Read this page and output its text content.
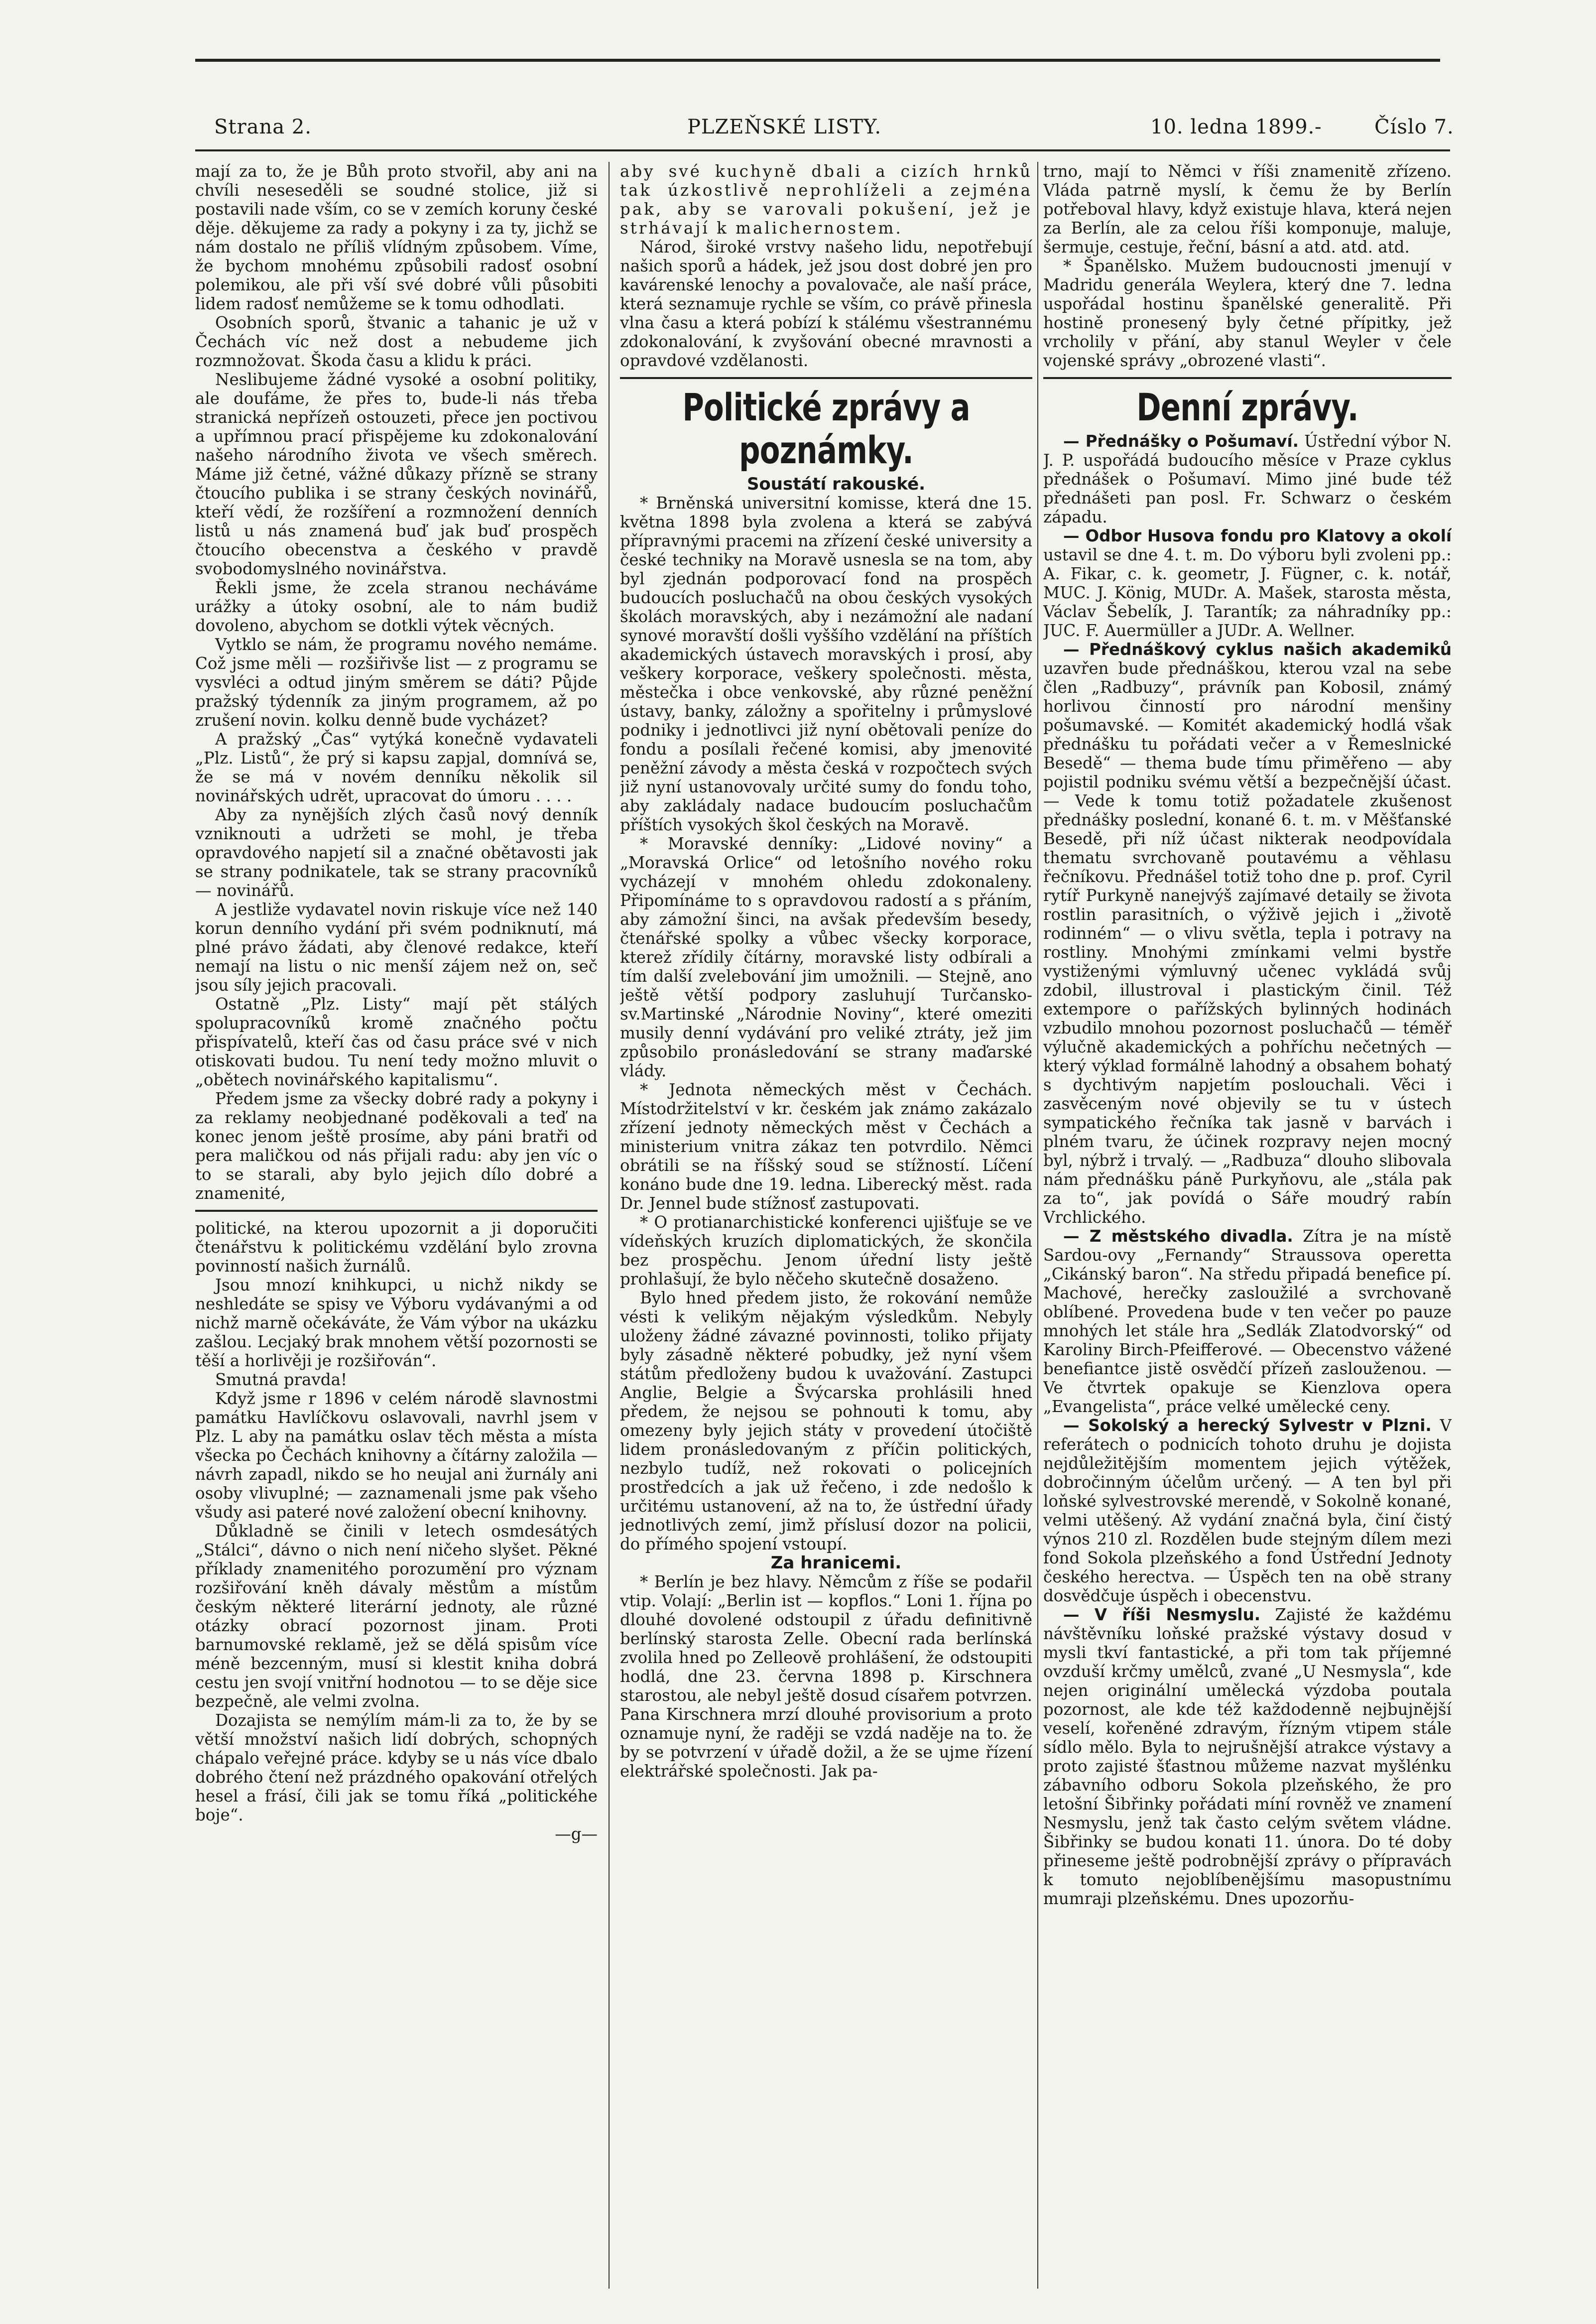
Strana 2.	PLZEŇSKÉ LISTY.	10. ledna 1899. -	Číslo 7.

mají za to, že je Bůh proto stvořil, aby ani na chvíli neseseděli se soudné stolice, již si postavili nade vším, co se v zemích koruny české děje. děkujeme za rady a pokyny i za ty, jichž se nám dostalo ne příliš vlídným způsobem. Víme, že bychom mnohému způsobili radosť osobní polemikou, ale při vší své dobré vůli působiti lidem radosť nemůžeme se k tomu odhodlati.

Osobních sporů, štvanic a tahanic je už v Čechách víc než dost a nebudeme jich rozmnožovat. Škoda času a klidu k práci.

Neslibujeme žádné vysoké a osobní politiky, ale doufáme, že přes to, bude-li nás třeba stranická nepřízeň ostouzeti, přece jen poctivou a upřímnou prací přispějeme ku zdokonalování našeho národního života ve všech směrech. Máme již četné, vážné důkazy přízně se strany čtoucího publika i se strany českých novinářů, kteří vědí, že rozšíření a rozmnožení denních listů u nás znamená buď jak buď prospěch čtoucího obecenstva a českého v pravdě svobodomyslného novinářstva.

Řekli jsme, že zcela stranou necháváme urážky a útoky osobní, ale to nám budiž dovoleno, abychom se dotkli výtek věcných.

Vytklo se nám, že programu nového nemáme. Což jsme měli — rozšiřivše list — z programu se vysvléci a odtud jiným směrem se dáti? Půjde pražský týdenník za jiným programem, až po zrušení novin. kolku denně bude vycházet?

A pražský „Čas“ vytýká konečně vydavateli „Plz. Listů“, že prý si kapsu zapjal, domnívá se, že se má v novém denníku několik sil novinářských udrět, upracovat do úmoru . . . .

Aby za nynějších zlých časů nový denník vzniknouti a udržeti se mohl, je třeba opravdového napjetí sil a značné obětavosti jak se strany podnikatele, tak se strany pracovníků — novinářů.

A jestliže vydavatel novin riskuje více než 140 korun denního vydání při svém podniknutí, má plné právo žádati, aby členové redakce, kteří nemají na listu o nic menší zájem než on, seč jsou síly jejich pracovali.

Ostatně „Plz. Listy“ mají pět stálých spolupracovníků kromě značného počtu přispívatelů, kteří čas od času práce své v nich otiskovati budou. Tu není tedy možno mluvit o „obětech novinářského kapitalismu“.

Předem jsme za všecky dobré rady a pokyny i za reklamy neobjednané poděkovali a teď na konec jenom ještě prosíme, aby páni bratři od pera maličkou od nás přijali radu: aby jen víc o to se starali, aby bylo jejich dílo dobré a znamenité,

politické, na kterou upozornit a ji doporučiti čtenářstvu k politickému vzdělání bylo zrovna povinností našich žurnálů.

Jsou mnozí knihkupci, u nichž nikdy se neshledáte se spisy ve Výboru vydávanými a od nichž marně očekáváte, že Vám výbor na ukázku zašlou. Lecjaký brak mnohem větší pozornosti se těší a horlivěji je rozšiřován“.

Smutná pravda!

Když jsme r 1896 v celém národě slavnostmi památku Havlíčkovu oslavovali, navrhl jsem v Plz. L aby na památku oslav těch města a místa všecka po Čechách knihovny a čítárny založila — návrh zapadl, nikdo se ho neujal ani žurnály ani osoby vlivuplné; — zaznamenali jsme pak všeho všudy asi pateré nové založení obecní knihovny.

Důkladně se činili v letech osmdesátých „Stálci“, dávno o nich není ničeho slyšet. Pěkné příklady znamenitého porozumění pro význam rozšiřování kněh dávaly městům a místům českým některé literární jednoty, ale různé otázky obrací pozornost jinam. Proti barnumovské reklamě, jež se dělá spisům více méně bezcenným, musí si klestit kniha dobrá cestu jen svojí vnitřní hodnotou — to se děje sice bezpečně, ale velmi zvolna.

Dozajista se nemýlím mám-li za to, že by se větší množství našich lidí dobrých, schopných chápalo veřejné práce. kdyby se u nás více dbalo dobrého čtení než prázdného opakování otřelých hesel a frásí, čili jak se tomu říká „politickéhe boje“.

—g—

aby své kuchyně dbali a cizích hrnků tak úzkostlivě neprohlíželi a zejména pak, aby se varovali pokušení, jež je strhávají k malichernostem.

Národ, široké vrstvy našeho lidu, nepotřebují našich sporů a hádek, jež jsou dost dobré jen pro kavárenské lenochy a povalovače, ale naší práce, která seznamuje rychle se vším, co právě přinesla vlna času a která pobízí k stálému všestrannému zdokonalování, k zvyšování obecné mravnosti a opravdové vzdělanosti.

Politické zprávy a poznámky.

Soustátí rakouské.

* Brněnská universitní komisse, která dne 15. května 1898 byla zvolena a která se zabývá přípravnými pracemi na zřízení české university a české techniky na Moravě usnesla se na tom, aby byl zjednán podporovací fond na prospěch budoucích posluchačů na obou českých vysokých školách moravských, aby i nezámožní ale nadaní synové moravští došli vyššího vzdělání na příštích akademických ústavech moravských i prosí, aby veškery korporace, veškery společnosti. města, městečka i obce venkovské, aby různé peněžní ústavy, banky, záložny a spořitelny i průmyslové podniky i jednotlivci již nyní obětovali peníze do fondu a posílali řečené komisi, aby jmenovité peněžní závody a města česká v rozpočtech svých již nyní ustanovovaly určité sumy do fondu toho, aby zakládaly nadace budoucím posluchačům příštích vysokých škol českých na Moravě.

* Moravské denníky: „Lidové noviny“ a „Moravská Orlice“ od letošního nového roku vycházejí v mnohém ohledu zdokonaleny. Připomínáme to s opravdovou radostí a s přáním, aby zámožní šinci, na avšak především besedy, čtenářské spolky a vůbec všecky korporace, kterež zřídily čítárny, moravské listy odbírali a tím další zvelebování jim umožnili. — Stejně, ano ještě větší podpory zasluhují Turčansko-sv.Martinské „Národnie Noviny“, které omeziti musily denní vydávání pro veliké ztráty, jež jim způsobilo pronásledování se strany maďarské vlády.

* Jednota německých měst v Čechách. Místodržitelství v kr. českém jak známo zakázalo zřízení jednoty německých měst v Čechách a ministerium vnitra zákaz ten potvrdilo. Němci obrátili se na říšský soud se stížností. Líčení konáno bude dne 19. ledna. Liberecký měst. rada Dr. Jennel bude stížnosť zastupovati.

* O protianarchistické konferenci ujišťuje se ve vídeňských kruzích diplomatických, že skončila bez prospěchu. Jenom úřední listy ještě prohlašují, že bylo něčeho skutečně dosaženo.

Bylo hned předem jisto, že rokování nemůže vésti k velikým nějakým výsledkům. Nebyly uloženy žádné závazné povinnosti, toliko přijaty byly zásadně některé pobudky, jež nyní všem státům předloženy budou k uvažování. Zastupci Anglie, Belgie a Švýcarska prohlásili hned předem, že nejsou se pohnouti k tomu, aby omezeny byly jejich státy v provedení útočiště lidem pronásledovaným z příčin politických, nezbylo tudíž, než rokovati o policejních prostředcích a jak už řečeno, i zde nedošlo k určitému ustanovení, až na to, že ústřední úřady jednotlivých zemí, jimž příslusí dozor na policii, do přímého spojení vstoupí.

Za hranicemi.

* Berlín je bez hlavy. Němcům z říše se podařil vtip. Volají: „Berlin ist — kopflos.“ Loni 1. října po dlouhé dovolené odstoupil z úřadu definitivně berlínský starosta Zelle. Obecní rada berlínská zvolila hned po Zelleově prohlášení, že odstoupiti hodlá, dne 23. června 1898 p. Kirschnera starostou, ale nebyl ještě dosud císařem potvrzen. Pana Kirschnera mrzí dlouhé provisorium a proto oznamuje nyní, že raději se vzdá naděje na to. že by se potvrzení v úřadě dožil, a že se ujme řízení elektrářské společnosti. Jak pa-

trno, mají to Němci v říši znamenitě zřízeno. Vláda patrně myslí, k čemu že by Berlín potřeboval hlavy, když existuje hlava, která nejen za Berlín, ale za celou říši komponuje, maluje, šermuje, cestuje, řeční, básní a atd. atd. atd.

* Španělsko. Mužem budoucnosti jmenují v Madridu generála Weylera, který dne 7. ledna uspořádal hostinu španělské generalitě. Při hostině pronesený byly četné přípitky, jež vrcholily v přání, aby stanul Weyler v čele vojenské správy „obrozené vlasti“.

Denní zprávy.

— Přednášky o Pošumaví. Ústřední výbor N. J. P. uspořádá budoucího měsíce v Praze cyklus přednášek o Pošumaví. Mimo jiné bude též přednášeti pan posl. Fr. Schwarz o českém západu.

— Odbor Husova fondu pro Klatovy a okolí ustavil se dne 4. t. m. Do výboru byli zvoleni pp.: A. Fikar, c. k. geometr, J. Fügner, c. k. notář, MUC. J. König, MUDr. A. Mašek, starosta města, Václav Šebelík, J. Tarantík; za náhradníky pp.: JUC. F. Auermüller a JUDr. A. Wellner.

— Přednáškový cyklus našich akademiků uzavřen bude přednáškou, kterou vzal na sebe člen „Radbuzy“, právník pan Kobosil, známý horlivou činností pro národní menšiny pošumavské. — Komitét akademický hodlá však přednášku tu pořádati večer a v Řemeslnické Besedě“ — thema bude tímu přiměřeno — aby pojistil podniku svému větší a bezpečnější účast. — Vede k tomu totiž požadatele zkušenost přednášky poslední, konané 6. t. m. v Měšťanské Besedě, při níž účast nikterak neodpovídala thematu svrchovaně poutavému a věhlasu řečníkovu. Přednášel totiž toho dne p. prof. Cyril rytíř Purkyně nanejvýš zajímavé detaily se života rostlin parasitních, o výživě jejich i „životě rodinném“ — o vlivu světla, tepla i potravy na rostliny. Mnohými zmínkami velmi bystře vystiženými výmluvný učenec vykládá svůj zdobil, illustroval i plastickým činil. Též extempore o pařížských bylinných hodinách vzbudilo mnohou pozornost posluchačů — téměř výlučně akademických a pohříchu nečetných — který výklad formálně lahodný a obsahem bohatý s dychtivým napjetím poslouchali. Věci i zasvěceným nové objevily se tu v ústech sympatického řečníka tak jasně v barvách i plném tvaru, že účinek rozpravy nejen mocný byl, nýbrž i trvalý. — „Radbuza“ dlouho slibovala nám přednášku páně Purkyňovu, ale „stála pak za to“, jak povídá o Sáře moudrý rabín Vrchlického.

— Z městského divadla. Zítra je na místě Sardou-ovy „Fernandy“ Straussova operetta „Cikánský baron“. Na středu připadá benefice pí. Machové, herečky zasloužilé a svrchovaně oblíbené. Provedena bude v ten večer po pauze mnohých let stále hra „Sedlák Zlatodvorský“ od Karoliny Birch-Pfeifferové. — Obecenstvo vážené benefiantce jistě osvědčí přízeň zaslouženou. — Ve čtvrtek opakuje se Kienzlova opera „Evangelista“, práce velké umělecké ceny.

— Sokolský a herecký Sylvestr v Plzni. V referátech o podnicích tohoto druhu je dojista nejdůležitějším momentem jejich výtěžek, dobročinným účelům určený. — A ten byl při loňské sylvestrovské merendě, v Sokolně konané, velmi utěšený. Až vydání značná byla, činí čistý výnos 210 zl. Rozdělen bude stejným dílem mezi fond Sokola plzeňského a fond Ústřední Jednoty českého herectva. — Úspěch ten na obě strany dosvědčuje úspěch i obecenstvu.

— V říši Nesmyslu. Zajisté že každému návštěvníku loňské pražské výstavy dosud v mysli tkví fantastické, a při tom tak příjemné ovzduší krčmy umělců, zvané „U Nesmysla“, kde nejen originální umělecká výzdoba poutala pozornost, ale kde též každodenně nejbujnější veselí, kořeněné zdravým, řízným vtipem stále sídlo mělo. Byla to nejrušnější atrakce výstavy a proto zajisté šťastnou můžeme nazvat myšlénku zábavního odboru Sokola plzeňského, že pro letošní Šibřinky pořádati míní rovněž ve znamení Nesmyslu, jenž tak často celým světem vládne. Šibřinky se budou konati 11. února. Do té doby přineseme ještě podrobnější zprávy o přípravách k tomuto nejoblíbenějšímu masopustnímu mumraji plzeňskému. Dnes upozorňu-
